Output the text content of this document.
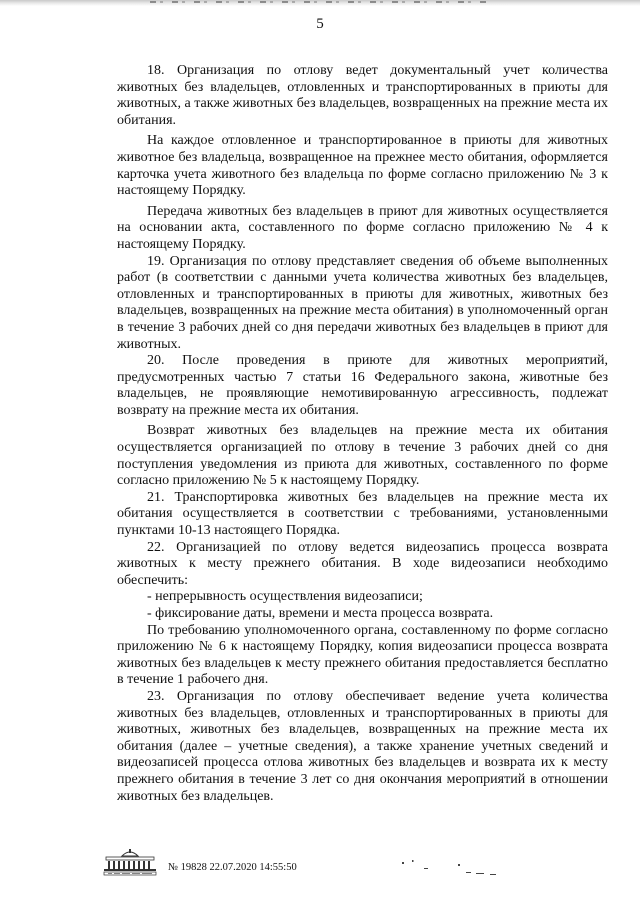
5

18. Организация по отлову ведет документальный учет количества животных без владельцев, отловленных и транспортированных в приюты для животных, а также животных без владельцев, возвращенных на прежние места их обитания.

На каждое отловленное и транспортированное в приюты для животных животное без владельца, возвращенное на прежнее место обитания, оформляется карточка учета животного без владельца по форме согласно приложению № 3 к настоящему Порядку.

Передача животных без владельцев в приют для животных осуществляется на основании акта, составленного по форме согласно приложению № 4 к настоящему Порядку.

19. Организация по отлову представляет сведения об объеме выполненных работ (в соответствии с данными учета количества животных без владельцев, отловленных и транспортированных в приюты для животных, животных без владельцев, возвращенных на прежние места обитания) в уполномоченный орган в течение 3 рабочих дней со дня передачи животных без владельцев в приют для животных.

20. После проведения в приюте для животных мероприятий, предусмотренных частью 7 статьи 16 Федерального закона, животные без владельцев, не проявляющие немотивированную агрессивность, подлежат возврату на прежние места их обитания.

Возврат животных без владельцев на прежние места их обитания осуществляется организацией по отлову в течение 3 рабочих дней со дня поступления уведомления из приюта для животных, составленного по форме согласно приложению № 5 к настоящему Порядку.

21. Транспортировка животных без владельцев на прежние места их обитания осуществляется в соответствии с требованиями, установленными пунктами 10-13 настоящего Порядка.

22. Организацией по отлову ведется видеозапись процесса возврата животных к месту прежнего обитания. В ходе видеозаписи необходимо обеспечить:

- непрерывность осуществления видеозаписи;

- фиксирование даты, времени и места процесса возврата.

По требованию уполномоченного органа, составленному по форме согласно приложению № 6 к настоящему Порядку, копия видеозаписи процесса возврата животных без владельцев к месту прежнего обитания предоставляется бесплатно в течение 1 рабочего дня.

23. Организация по отлову обеспечивает ведение учета количества животных без владельцев, отловленных и транспортированных в приюты для животных, животных без владельцев, возвращенных на прежние места их обитания (далее – учетные сведения), а также хранение учетных сведений и видеозаписей процесса отлова животных без владельцев и возврата их к месту прежнего обитания в течение 3 лет со дня окончания мероприятий в отношении животных без владельцев.

№ 19828 22.07.2020 14:55:50
